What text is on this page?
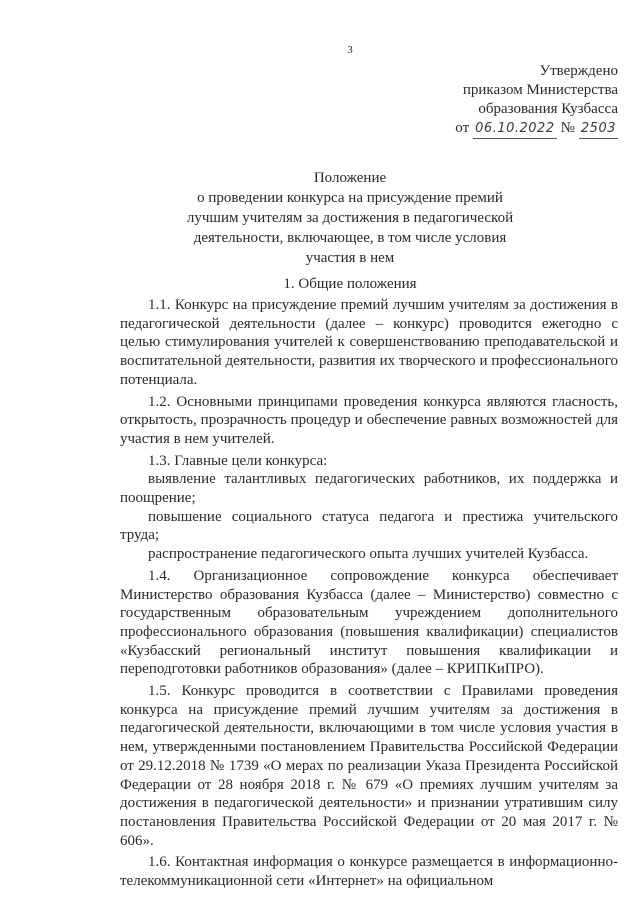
3
Утверждено
приказом Министерства
образования Кузбасса
от 06.10.2022 № 2503
Положение
о проведении конкурса на присуждение премий
лучшим учителям за достижения в педагогической
деятельности, включающее, в том числе условия
участия в нем
1. Общие положения

1.1. Конкурс на присуждение премий лучшим учителям за достижения в педагогической деятельности (далее – конкурс) проводится ежегодно с целью стимулирования учителей к совершенствованию преподавательской и воспитательной деятельности, развития их творческого и профессионального потенциала.

1.2. Основными принципами проведения конкурса являются гласность, открытость, прозрачность процедур и обеспечение равных возможностей для участия в нем учителей.

1.3. Главные цели конкурса:

выявление талантливых педагогических работников, их поддержка и поощрение;

повышение социального статуса педагога и престижа учительского труда;

распространение педагогического опыта лучших учителей Кузбасса.

1.4. Организационное сопровождение конкурса обеспечивает Министерство образования Кузбасса (далее – Министерство) совместно с государственным образовательным учреждением дополнительного профессионального образования (повышения квалификации) специалистов «Кузбасский региональный институт повышения квалификации и переподготовки работников образования» (далее – КРИПКиПРО).

1.5. Конкурс проводится в соответствии с Правилами проведения конкурса на присуждение премий лучшим учителям за достижения в педагогической деятельности, включающими в том числе условия участия в нем, утвержденными постановлением Правительства Российской Федерации от 29.12.2018 № 1739 «О мерах по реализации Указа Президента Российской Федерации от 28 ноября 2018 г. № 679 «О премиях лучшим учителям за достижения в педагогической деятельности» и признании утратившим силу постановления Правительства Российской Федерации от 20 мая 2017 г. № 606».

1.6. Контактная информация о конкурсе размещается в информационно-телекоммуникационной сети «Интернет» на официальном
